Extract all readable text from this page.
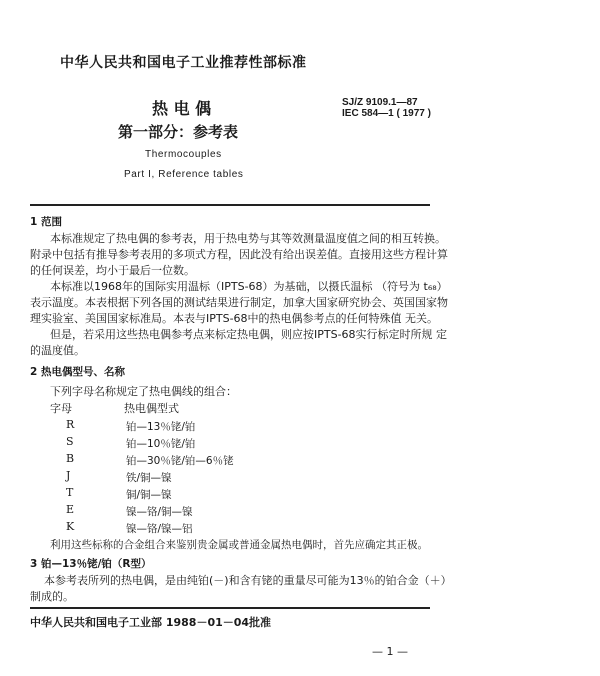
中华人民共和国电子工业推荐性部标准
热 电 偶
第一部分：参考表
Thermocouples
Part I, Reference tables
SJ/Z 9109.1—87
IEC 584—1 ( 1977 )
1 范围
本标准规定了热电偶的参考表，用于热电势与其等效测量温度值之间的相互转换。
附录中包括有推导参考表用的多项式方程，因此没有给出误差值。直接用这些方程计算
的任何误差，均小于最后一位数。
本标准以1968年的国际实用温标（IPTS-68）为基础，以摄氏温标 （符号为 t₆₈）
表示温度。本表根据下列各国的测试结果进行制定，加拿大国家研究协会、英国国家物
理实验室、美国国家标准局。本表与IPTS-68中的热电偶参考点的任何特殊值 无关。
但是，若采用这些热电偶参考点来标定热电偶，则应按IPTS-68实行标定时所规 定
的温度值。
2 热电偶型号、名称
下列字母名称规定了热电偶线的组合：
字母	热电偶型式
R	铂—13％铑/铂
S	铂—10％铑/铂
B	铂—30％铑/铂—6％铑
J	铁/铜—镍
T	铜/铜—镍
E	镍—铬/铜—镍
K	镍—铬/镍—铝
利用这些标称的合金组合来鉴别贵金属或普通金属热电偶时，首先应确定其正极。
3 铂—13％铑/铂（R型）
本参考表所列的热电偶，是由纯铂(－)和含有铑的重量尽可能为13％的铂合金（＋）
制成的。
中华人民共和国电子工业部 1988－01－04批准
— 1 —
